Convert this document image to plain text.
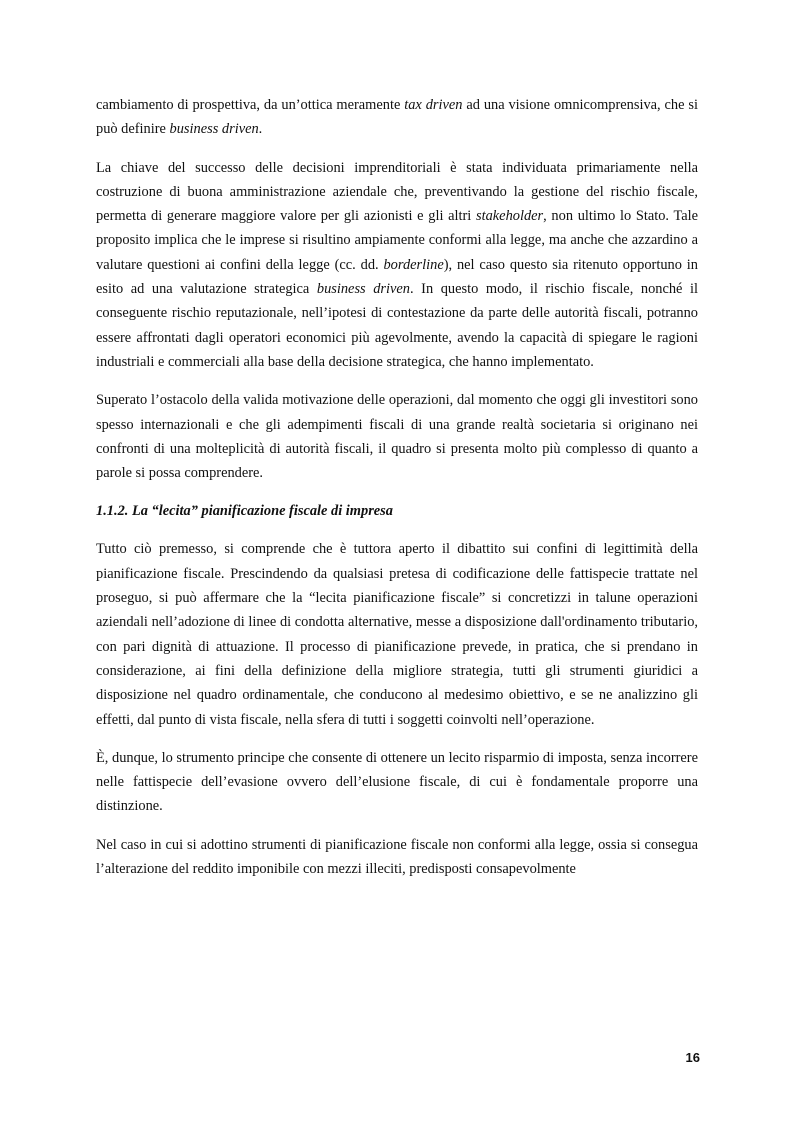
cambiamento di prospettiva, da un’ottica meramente tax driven ad una visione omnicomprensiva, che si può definire business driven.

La chiave del successo delle decisioni imprenditoriali è stata individuata primariamente nella costruzione di buona amministrazione aziendale che, preventivando la gestione del rischio fiscale, permetta di generare maggiore valore per gli azionisti e gli altri stakeholder, non ultimo lo Stato. Tale proposito implica che le imprese si risultino ampiamente conformi alla legge, ma anche che azzardino a valutare questioni ai confini della legge (cc. dd. borderline), nel caso questo sia ritenuto opportuno in esito ad una valutazione strategica business driven. In questo modo, il rischio fiscale, nonché il conseguente rischio reputazionale, nell’ipotesi di contestazione da parte delle autorità fiscali, potranno essere affrontati dagli operatori economici più agevolmente, avendo la capacità di spiegare le ragioni industriali e commerciali alla base della decisione strategica, che hanno implementato.

Superato l’ostacolo della valida motivazione delle operazioni, dal momento che oggi gli investitori sono spesso internazionali e che gli adempimenti fiscali di una grande realtà societaria si originano nei confronti di una molteplicità di autorità fiscali, il quadro si presenta molto più complesso di quanto a parole si possa comprendere.

1.1.2. La “lecita” pianificazione fiscale di impresa

Tutto ciò premesso, si comprende che è tuttora aperto il dibattito sui confini di legittimità della pianificazione fiscale. Prescindendo da qualsiasi pretesa di codificazione delle fattispecie trattate nel proseguo, si può affermare che la “lecita pianificazione fiscale” si concretizzi in talune operazioni aziendali nell’adozione di linee di condotta alternative, messe a disposizione dall'ordinamento tributario, con pari dignità di attuazione. Il processo di pianificazione prevede, in pratica, che si prendano in considerazione, ai fini della definizione della migliore strategia, tutti gli strumenti giuridici a disposizione nel quadro ordinamentale, che conducono al medesimo obiettivo, e se ne analizzino gli effetti, dal punto di vista fiscale, nella sfera di tutti i soggetti coinvolti nell’operazione.

È, dunque, lo strumento principe che consente di ottenere un lecito risparmio di imposta, senza incorrere nelle fattispecie dell’evasione ovvero dell’elusione fiscale, di cui è fondamentale proporre una distinzione.

Nel caso in cui si adottino strumenti di pianificazione fiscale non conformi alla legge, ossia si consegua l’alterazione del reddito imponibile con mezzi illeciti, predisposti consapevolmente

16
